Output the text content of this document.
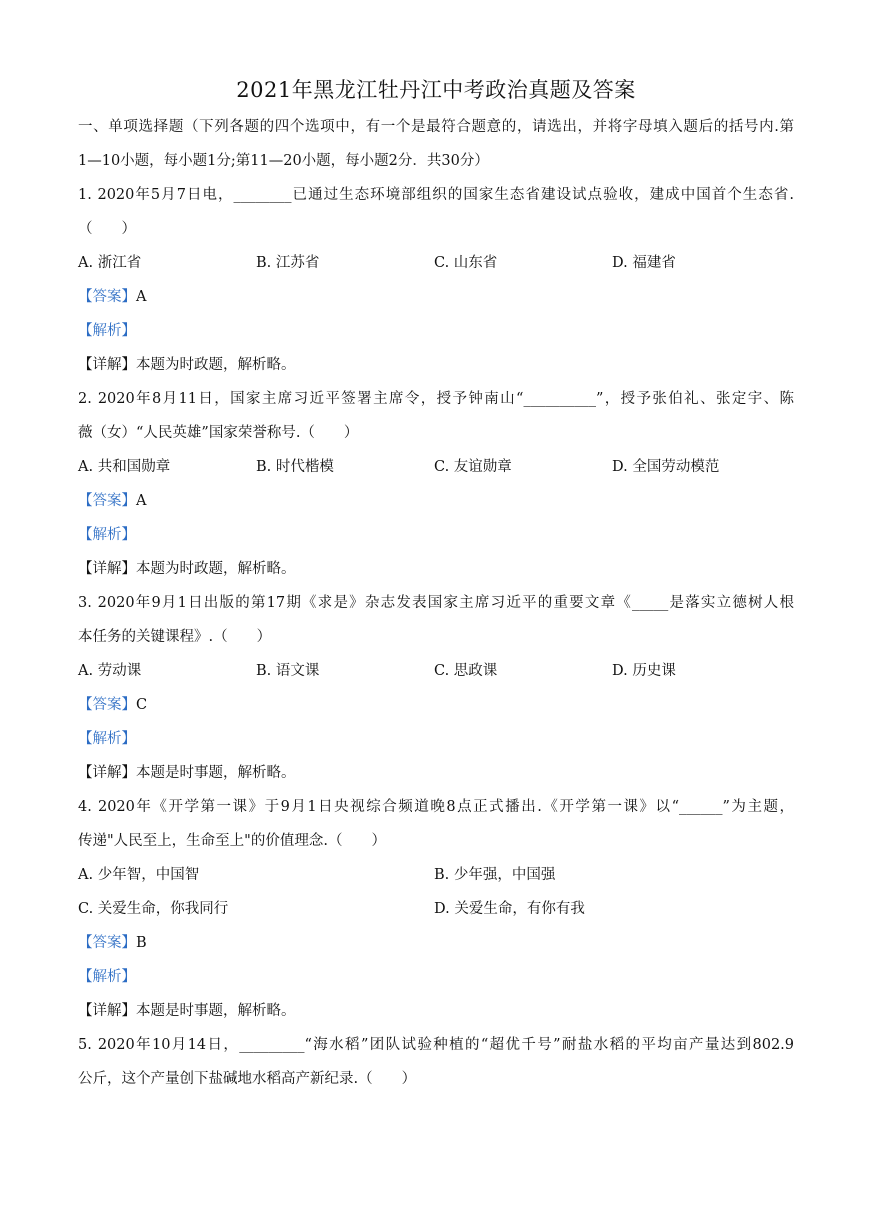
2021年黑龙江牡丹江中考政治真题及答案
一、单项选择题（下列各题的四个选项中，有一个是最符合题意的，请选出，并将字母填入题后的括号内.第
1—10小题，每小题1分;第11—20小题，每小题2分．共30分）
1. 2020年5月7日电，________已通过生态环境部组织的国家生态省建设试点验收，建成中国首个生态省.
（　　）
A. 浙江省	B. 江苏省	C. 山东省	D. 福建省
【答案】A
【解析】
【详解】本题为时政题，解析略。
2. 2020年8月11日，国家主席习近平签署主席令，授予钟南山“__________”，授予张伯礼、张定宇、陈
薇（女）“人民英雄”国家荣誉称号.（　　）
A. 共和国勋章	B. 时代楷模	C. 友谊勋章	D. 全国劳动模范
【答案】A
【解析】
【详解】本题为时政题，解析略。
3. 2020年9月1日出版的第17期《求是》杂志发表国家主席习近平的重要文章《_____是落实立德树人根
本任务的关键课程》.（　　）
A. 劳动课	B. 语文课	C. 思政课	D. 历史课
【答案】C
【解析】
【详解】本题是时事题，解析略。
4. 2020年《开学第一课》于9月1日央视综合频道晚8点正式播出.《开学第一课》以“______”为主题，
传递"人民至上，生命至上"的价值理念.（　　）
A. 少年智，中国智	B. 少年强，中国强
C. 关爱生命，你我同行	D. 关爱生命，有你有我
【答案】B
【解析】
【详解】本题是时事题，解析略。
5. 2020年10月14日，_________“海水稻”团队试验种植的“超优千号”耐盐水稻的平均亩产量达到802.9
公斤，这个产量创下盐碱地水稻高产新纪录.（　　）
